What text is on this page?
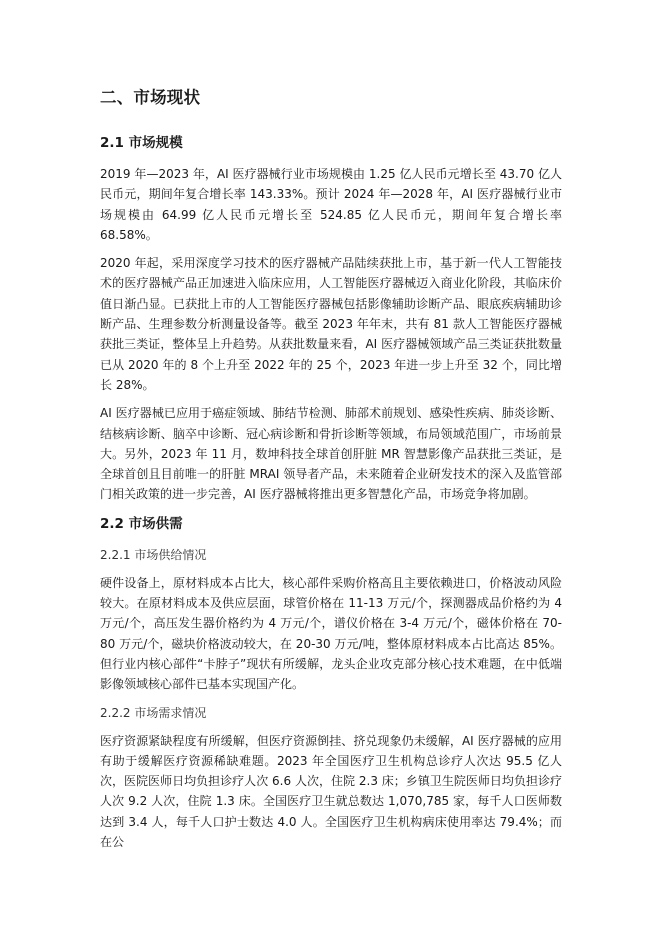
二、市场现状
2.1 市场规模

2019 年—2023 年，AI 医疗器械行业市场规模由 1.25 亿人民币元增长至 43.70 亿人民币元，期间年复合增长率 143.33%。预计 2024 年—2028 年，AI 医疗器械行业市场规模由 64.99 亿人民币元增长至 524.85 亿人民币元，期间年复合增长率 68.58%。

2020 年起，采用深度学习技术的医疗器械产品陆续获批上市，基于新一代人工智能技术的医疗器械产品正加速进入临床应用，人工智能医疗器械迈入商业化阶段，其临床价值日渐凸显。已获批上市的人工智能医疗器械包括影像辅助诊断产品、眼底疾病辅助诊断产品、生理参数分析测量设备等。截至 2023 年年末，共有 81 款人工智能医疗器械获批三类证，整体呈上升趋势。从获批数量来看，AI 医疗器械领域产品三类证获批数量已从 2020 年的 8 个上升至 2022 年的 25 个，2023 年进一步上升至 32 个，同比增长 28%。

AI 医疗器械已应用于癌症领域、肺结节检测、肺部术前规划、感染性疾病、肺炎诊断、结核病诊断、脑卒中诊断、冠心病诊断和骨折诊断等领域，布局领域范围广，市场前景大。另外，2023 年 11 月，数坤科技全球首创肝脏 MR 智慧影像产品获批三类证，是全球首创且目前唯一的肝脏 MRAI 领导者产品，未来随着企业研发技术的深入及监管部门相关政策的进一步完善，AI 医疗器械将推出更多智慧化产品，市场竞争将加剧。

2.2 市场供需
2.2.1 市场供给情况

硬件设备上，原材料成本占比大，核心部件采购价格高且主要依赖进口，价格波动风险较大。在原材料成本及供应层面，球管价格在 11-13 万元/个，探测器成品价格约为 4 万元/个，高压发生器价格约为 4 万元/个，谱仪价格在 3-4 万元/个，磁体价格在 70-80 万元/个，磁块价格波动较大，在 20-30 万元/吨，整体原材料成本占比高达 85%。但行业内核心部件“卡脖子”现状有所缓解，龙头企业攻克部分核心技术难题，在中低端影像领域核心部件已基本实现国产化。

2.2.2 市场需求情况

医疗资源紧缺程度有所缓解，但医疗资源倒挂、挤兑现象仍未缓解，AI 医疗器械的应用有助于缓解医疗资源稀缺难题。2023 年全国医疗卫生机构总诊疗人次达 95.5 亿人次，医院医师日均负担诊疗人次 6.6 人次，住院 2.3 床；乡镇卫生院医师日均负担诊疗人次 9.2 人次，住院 1.3 床。全国医疗卫生就总数达 1,070,785 家，每千人口医师数达到 3.4 人，每千人口护士数达 4.0 人。全国医疗卫生机构病床使用率达 79.4%；而在公
